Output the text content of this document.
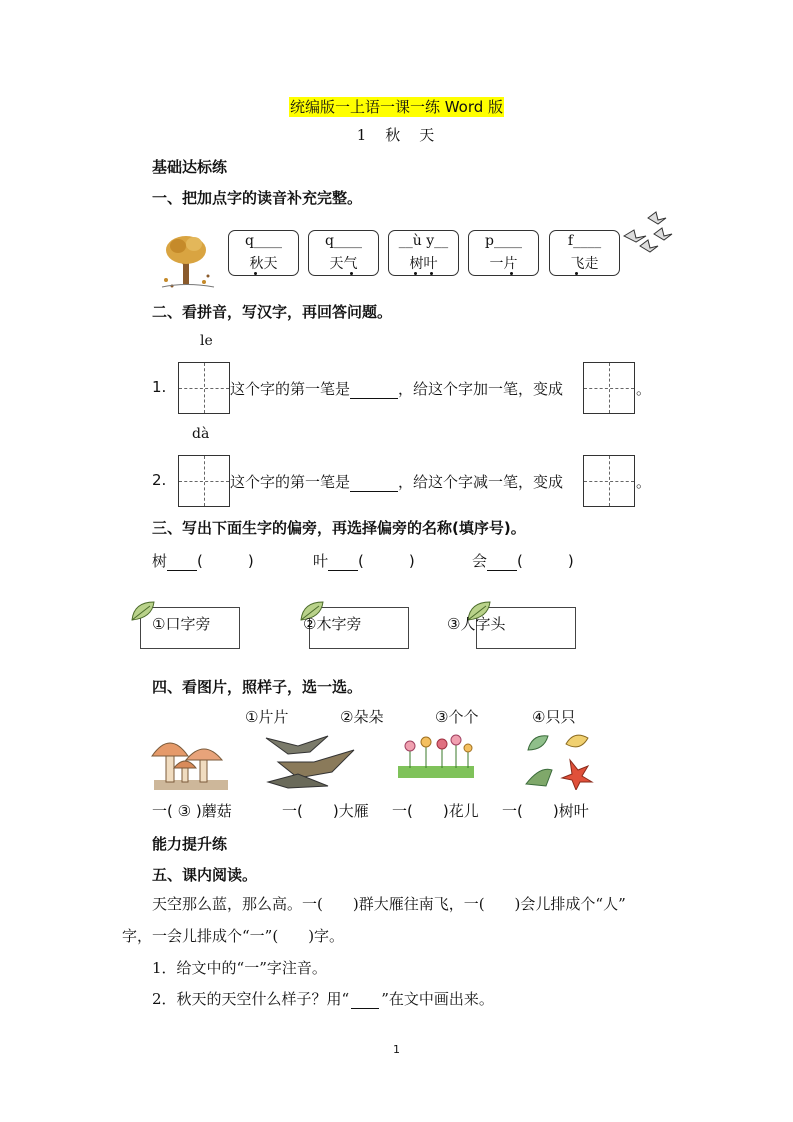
统编版一上语一课一练 Word 版
1　秋　天
基础达标练
一、把加点字的读音补充完整。
q____
秋天
q____
天气
__ù y__
树叶
p____
一片
f____
飞走
二、看拼音，写汉字，再回答问题。
le
1.	这个字的第一笔是	，给这个字加一笔，变成	。
dà
2.	这个字的第一笔是	，给这个字减一笔，变成	。
三、写出下面生字的偏旁，再选择偏旁的名称(填序号)。
树 (　　　)	叶 (　　　)	会 (　　　)
①口字旁	②木字旁	③人字头
四、看图片，照样子，选一选。
①片片	②朵朵	③个个	④只只
一( ③ )蘑菇	一(　　 )大雁 一(　　 )花儿 一(　　 )树叶
能力提升练
五、课内阅读。
天空那么蓝，那么高。一(　　)群大雁往南飞，一(　　)会儿排成个“人”
字，一会儿排成个“一”(　　)字。
1．给文中的“一”字注音。
2．秋天的天空什么样子？用“ ”在文中画出来。
1
